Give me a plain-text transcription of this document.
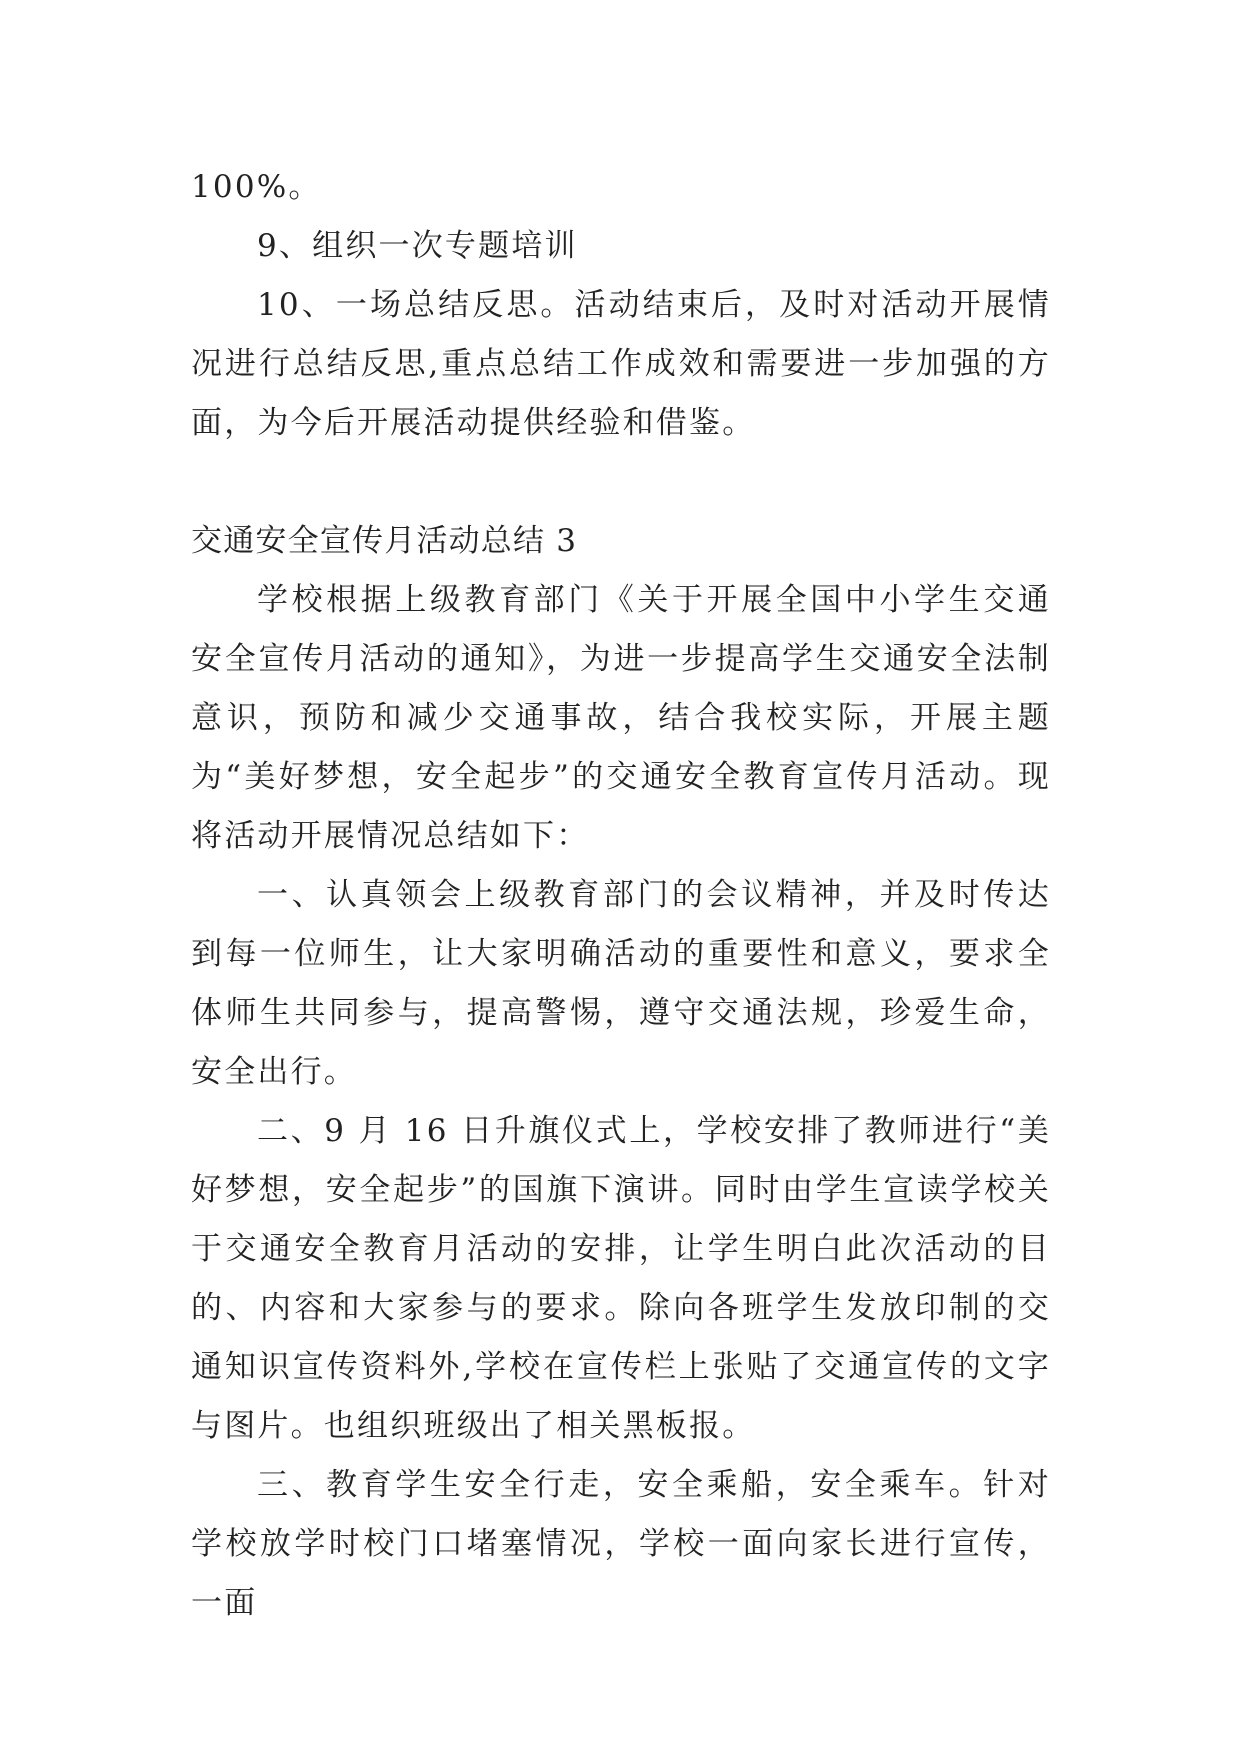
100%。

9、组织一次专题培训

10、一场总结反思。活动结束后，及时对活动开展情况进行总结反思,重点总结工作成效和需要进一步加强的方面，为今后开展活动提供经验和借鉴。

交通安全宣传月活动总结 3

学校根据上级教育部门《关于开展全国中小学生交通安全宣传月活动的通知》，为进一步提高学生交通安全法制意识，预防和减少交通事故，结合我校实际，开展主题为“美好梦想，安全起步”的交通安全教育宣传月活动。现将活动开展情况总结如下：

一、认真领会上级教育部门的会议精神，并及时传达到每一位师生，让大家明确活动的重要性和意义，要求全体师生共同参与，提高警惕，遵守交通法规，珍爱生命，安全出行。

二、9 月 16 日升旗仪式上，学校安排了教师进行“美好梦想，安全起步”的国旗下演讲。同时由学生宣读学校关于交通安全教育月活动的安排，让学生明白此次活动的目的、内容和大家参与的要求。除向各班学生发放印制的交通知识宣传资料外,学校在宣传栏上张贴了交通宣传的文字与图片。也组织班级出了相关黑板报。

三、教育学生安全行走，安全乘船，安全乘车。针对学校放学时校门口堵塞情况，学校一面向家长进行宣传，一面
